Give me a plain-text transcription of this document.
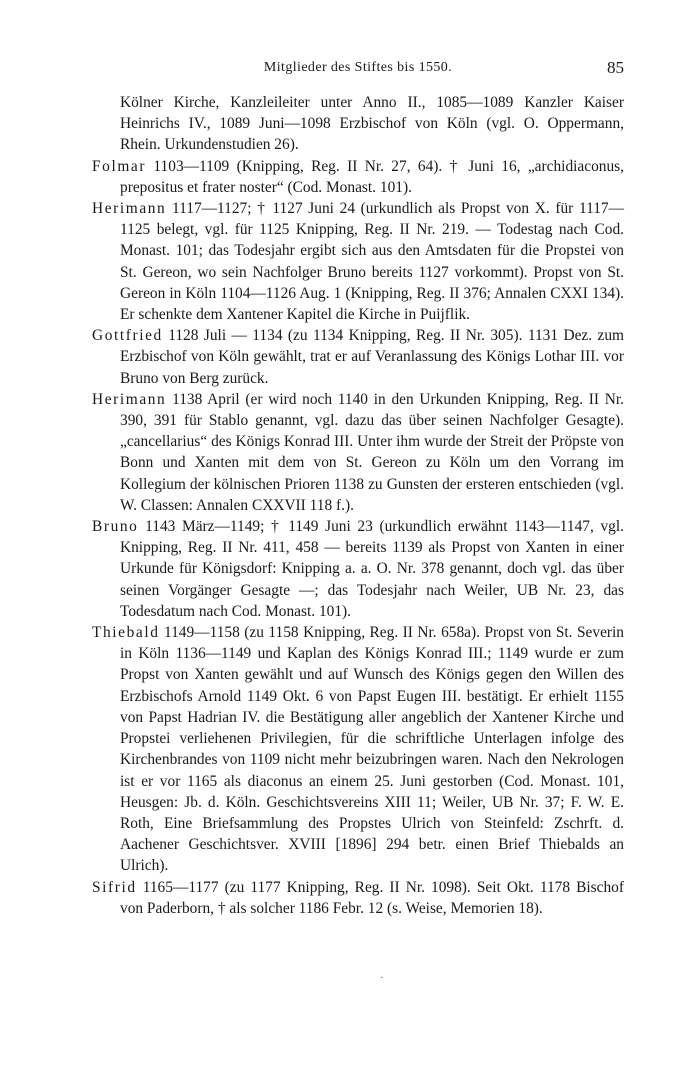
Mitglieder des Stiftes bis 1550.	85

Kölner Kirche, Kanzleileiter unter Anno II., 1085—1089 Kanzler Kaiser Heinrichs IV., 1089 Juni—1098 Erzbischof von Köln (vgl. O. Oppermann, Rhein. Urkundenstudien 26).

Folmar 1103—1109 (Knipping, Reg. II Nr. 27, 64). † Juni 16, „archidiaconus, prepositus et frater noster“ (Cod. Monast. 101).

Herimann 1117—1127; † 1127 Juni 24 (urkundlich als Propst von X. für 1117—1125 belegt, vgl. für 1125 Knipping, Reg. II Nr. 219. — Todestag nach Cod. Monast. 101; das Todesjahr ergibt sich aus den Amtsdaten für die Propstei von St. Gereon, wo sein Nachfolger Bruno bereits 1127 vorkommt). Propst von St. Gereon in Köln 1104—1126 Aug. 1 (Knipping, Reg. II 376; Annalen CXXI 134). Er schenkte dem Xantener Kapitel die Kirche in Puijflik.

Gottfried 1128 Juli — 1134 (zu 1134 Knipping, Reg. II Nr. 305). 1131 Dez. zum Erzbischof von Köln gewählt, trat er auf Veranlassung des Königs Lothar III. vor Bruno von Berg zurück.

Herimann 1138 April (er wird noch 1140 in den Urkunden Knipping, Reg. II Nr. 390, 391 für Stablo genannt, vgl. dazu das über seinen Nachfolger Gesagte). „cancellarius“ des Königs Konrad III. Unter ihm wurde der Streit der Pröpste von Bonn und Xanten mit dem von St. Gereon zu Köln um den Vorrang im Kollegium der kölnischen Prioren 1138 zu Gunsten der ersteren entschieden (vgl. W. Classen: Annalen CXXVII 118 f.).

Bruno 1143 März—1149; † 1149 Juni 23 (urkundlich erwähnt 1143—1147, vgl. Knipping, Reg. II Nr. 411, 458 — bereits 1139 als Propst von Xanten in einer Urkunde für Königsdorf: Knipping a. a. O. Nr. 378 genannt, doch vgl. das über seinen Vorgänger Gesagte —; das Todesjahr nach Weiler, UB Nr. 23, das Todesdatum nach Cod. Monast. 101).

Thiebald 1149—1158 (zu 1158 Knipping, Reg. II Nr. 658a). Propst von St. Severin in Köln 1136—1149 und Kaplan des Königs Konrad III.; 1149 wurde er zum Propst von Xanten gewählt und auf Wunsch des Königs gegen den Willen des Erzbischofs Arnold 1149 Okt. 6 von Papst Eugen III. bestätigt. Er erhielt 1155 von Papst Hadrian IV. die Bestätigung aller angeblich der Xantener Kirche und Propstei verliehenen Privilegien, für die schriftliche Unterlagen infolge des Kirchenbrandes von 1109 nicht mehr beizubringen waren. Nach den Nekrologen ist er vor 1165 als diaconus an einem 25. Juni gestorben (Cod. Monast. 101, Heusgen: Jb. d. Köln. Geschichtsvereins XIII 11; Weiler, UB Nr. 37; F. W. E. Roth, Eine Briefsammlung des Propstes Ulrich von Steinfeld: Zschrft. d. Aachener Geschichtsver. XVIII [1896] 294 betr. einen Brief Thiebalds an Ulrich).

Sifrid 1165—1177 (zu 1177 Knipping, Reg. II Nr. 1098). Seit Okt. 1178 Bischof von Paderborn, † als solcher 1186 Febr. 12 (s. Weise, Memorien 18).

·
